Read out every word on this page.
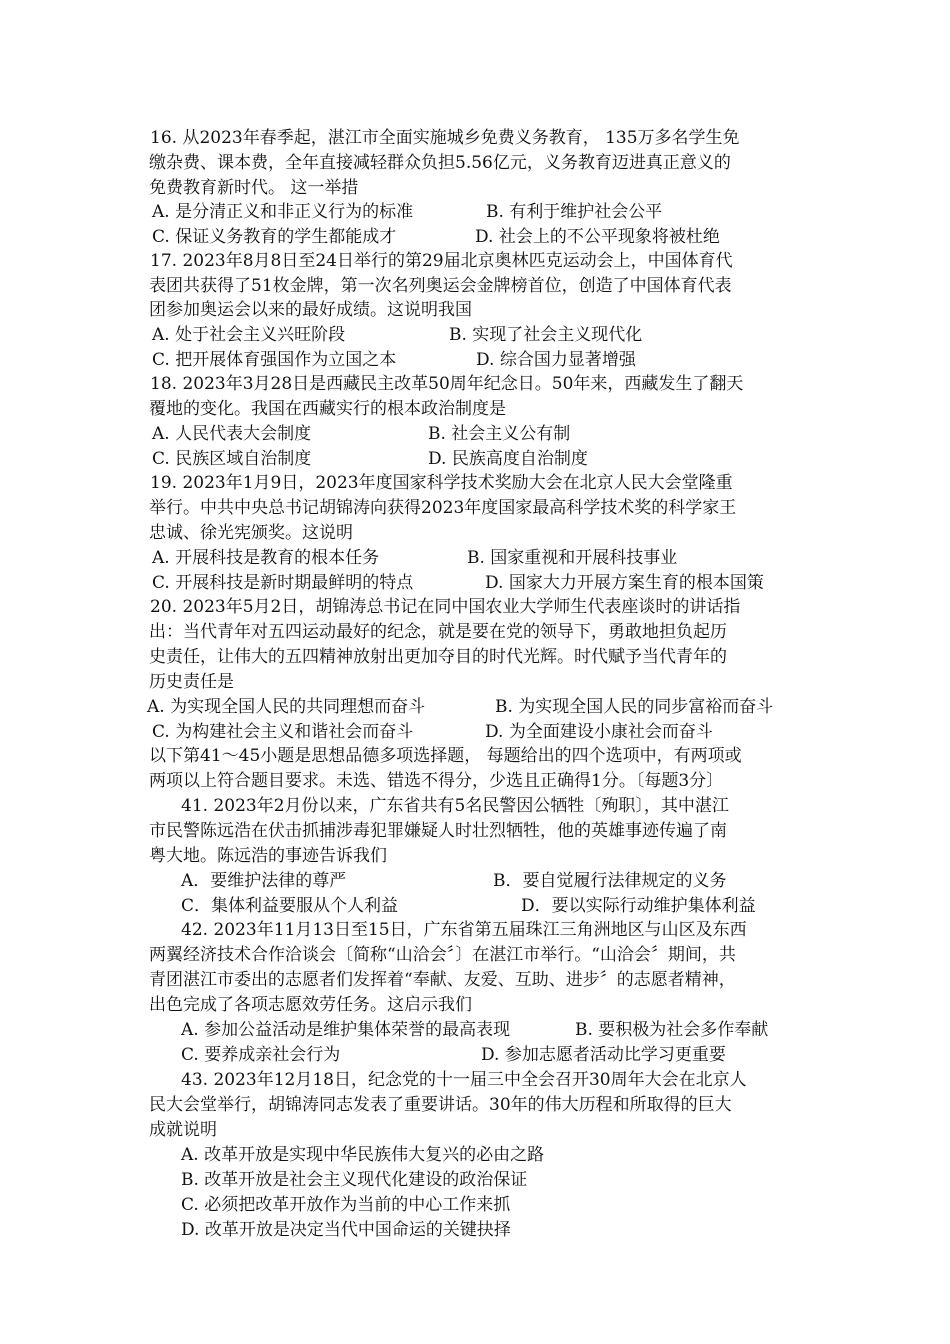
16. 从2023年春季起，湛江市全面实施城乡免费义务教育， 135万多名学生免
缴杂费、课本费，全年直接减轻群众负担5.56亿元，义务教育迈进真正意义的
免费教育新时代。 这一举措
A. 是分清正义和非正义行为的标准	B. 有利于维护社会公平
C. 保证义务教育的学生都能成才	D. 社会上的不公平现象将被杜绝
17. 2023年8月8日至24日举行的第29届北京奥林匹克运动会上，中国体育代
表团共获得了51枚金牌，第一次名列奥运会金牌榜首位，创造了中国体育代表
团参加奥运会以来的最好成绩。这说明我国
A. 处于社会主义兴旺阶段	B. 实现了社会主义现代化
C. 把开展体育强国作为立国之本	D. 综合国力显著增强
18. 2023年3月28日是西藏民主改革50周年纪念日。50年来，西藏发生了翻天
覆地的变化。我国在西藏实行的根本政治制度是
A. 人民代表大会制度	B. 社会主义公有制
C. 民族区域自治制度	D. 民族高度自治制度
19. 2023年1月9日，2023年度国家科学技术奖励大会在北京人民大会堂隆重
举行。中共中央总书记胡锦涛向获得2023年度国家最高科学技术奖的科学家王
忠诚、徐光宪颁奖。这说明
A. 开展科技是教育的根本任务	B. 国家重视和开展科技事业
C. 开展科技是新时期最鲜明的特点	D. 国家大力开展方案生育的根本国策
20. 2023年5月2日，胡锦涛总书记在同中国农业大学师生代表座谈时的讲话指
出：当代青年对五四运动最好的纪念，就是要在党的领导下，勇敢地担负起历
史责任，让伟大的五四精神放射出更加夺目的时代光辉。时代赋予当代青年的
历史责任是
A. 为实现全国人民的共同理想而奋斗	B. 为实现全国人民的同步富裕而奋斗
C. 为构建社会主义和谐社会而奋斗	D. 为全面建设小康社会而奋斗
以下第41～45小题是思想品德多项选择题， 每题给出的四个选项中，有两项或
两项以上符合题目要求。未选、错选不得分，少选且正确得1分。〔每题3分〕
41. 2023年2月份以来，广东省共有5名民警因公牺牲〔殉职〕，其中湛江
市民警陈远浩在伏击抓捕涉毒犯罪嫌疑人时壮烈牺牲，他的英雄事迹传遍了南
粤大地。陈远浩的事迹告诉我们
A．要维护法律的尊严	B．要自觉履行法律规定的义务
C．集体利益要服从个人利益	D．要以实际行动维护集体利益
42. 2023年11月13日至15日，广东省第五届珠江三角洲地区与山区及东西
两翼经济技术合作洽谈会〔简称“山洽会〞〕在湛江市举行。“山洽会〞期间，共
青团湛江市委出的志愿者们发挥着“奉献、友爱、互助、进步〞的志愿者精神，
出色完成了各项志愿效劳任务。这启示我们
A. 参加公益活动是维护集体荣誉的最高表现	B. 要积极为社会多作奉献
C. 要养成亲社会行为	D. 参加志愿者活动比学习更重要
43. 2023年12月18日，纪念党的十一届三中全会召开30周年大会在北京人
民大会堂举行，胡锦涛同志发表了重要讲话。30年的伟大历程和所取得的巨大
成就说明
A. 改革开放是实现中华民族伟大复兴的必由之路
B. 改革开放是社会主义现代化建设的政治保证
C. 必须把改革开放作为当前的中心工作来抓
D. 改革开放是决定当代中国命运的关键抉择
